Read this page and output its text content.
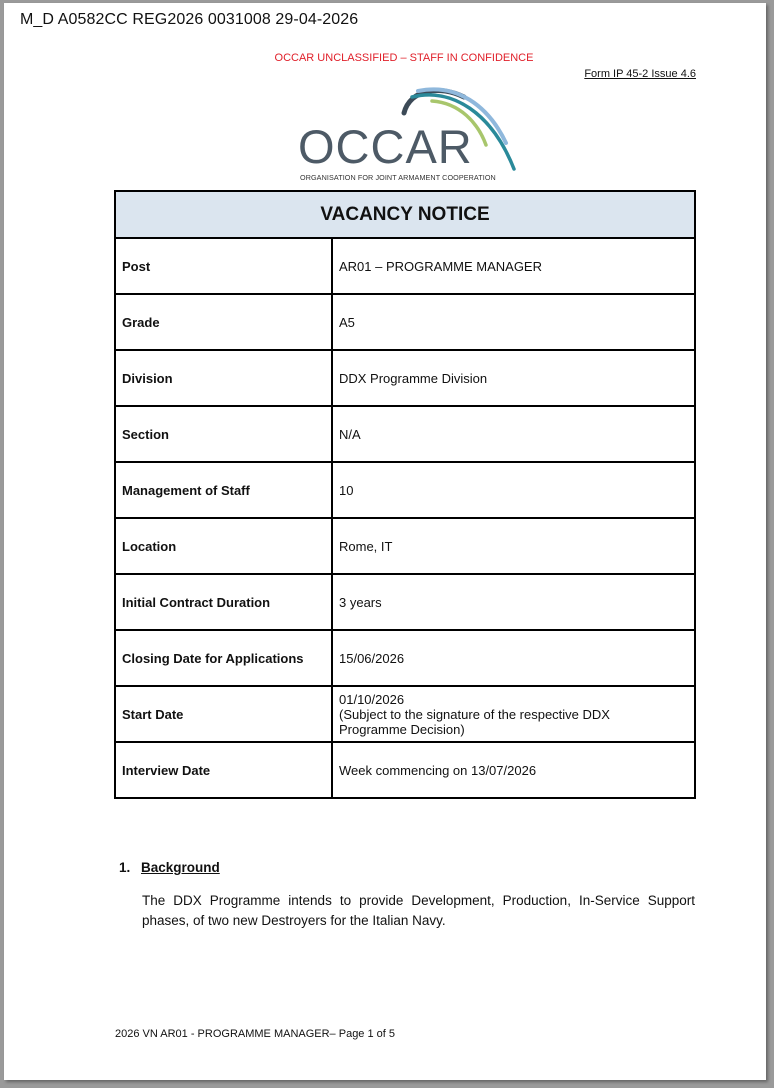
M_D A0582CC REG2026 0031008 29-04-2026
OCCAR UNCLASSIFIED – STAFF IN CONFIDENCE
Form IP 45-2 Issue 4.6
OCCAR
ORGANISATION FOR JOINT ARMAMENT COOPERATION
VACANCY NOTICE	
Post	AR01 – PROGRAMME MANAGER

Grade	A5

Division	DDX Programme Division

Section	N/A

Management of Staff	10

Location	Rome, IT

Initial Contract Duration	3 years

Closing Date for Applications	15/06/2026

Start Date	01/10/2026
(Subject to the signature of the respective DDX
Programme Decision)

Interview Date	Week commencing on 13/07/2026
1. Background
The DDX Programme intends to provide Development, Production, In-Service Support phases, of two new Destroyers for the Italian Navy.
2026 VN AR01 - PROGRAMME MANAGER– Page 1 of 5
